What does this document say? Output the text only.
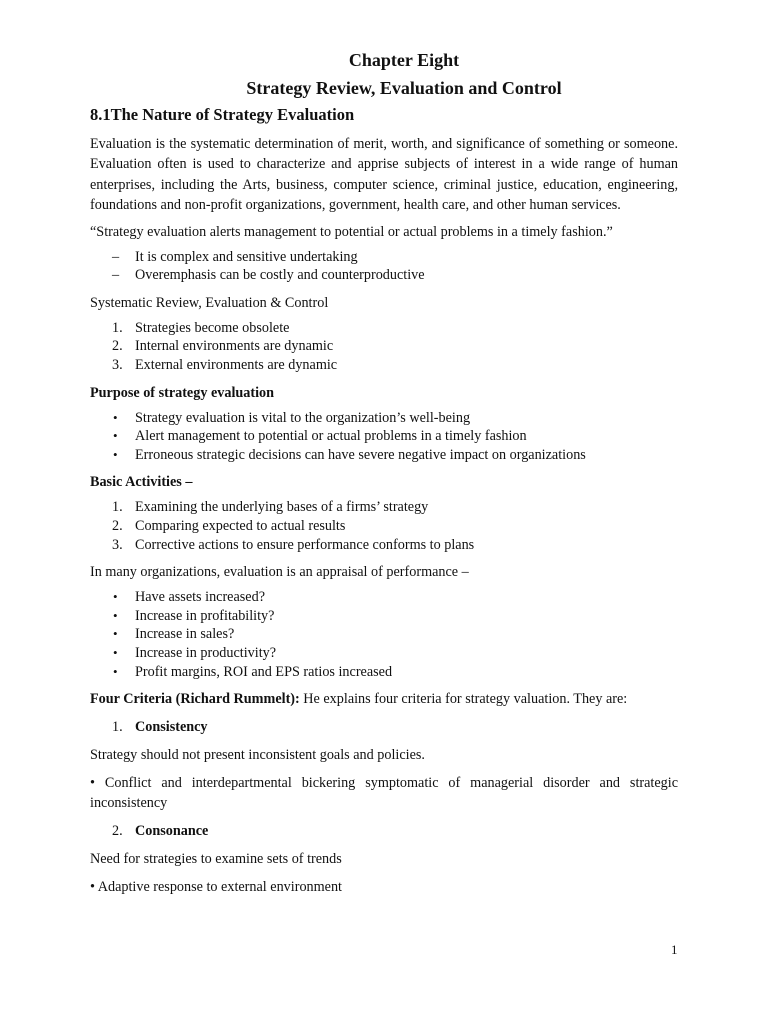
Chapter Eight
Strategy Review, Evaluation and Control
8.1The Nature of Strategy Evaluation

Evaluation is the systematic determination of merit, worth, and significance of something or someone. Evaluation often is used to characterize and apprise subjects of interest in a wide range of human enterprises, including the Arts, business, computer science, criminal justice, education, engineering, foundations and non-profit organizations, government, health care, and other human services.

“Strategy evaluation alerts management to potential or actual problems in a timely fashion.”

–	It is complex and sensitive undertaking
–	Overemphasis can be costly and counterproductive

Systematic Review, Evaluation & Control

1. Strategies become obsolete
2. Internal environments are dynamic
3. External environments are dynamic

Purpose of strategy evaluation

•	Strategy evaluation is vital to the organization’s well-being
•	Alert management to potential or actual problems in a timely fashion
•	Erroneous strategic decisions can have severe negative impact on organizations

Basic Activities –

1. Examining the underlying bases of a firms’ strategy
2. Comparing expected to actual results
3. Corrective actions to ensure performance conforms to plans

In many organizations, evaluation is an appraisal of performance –

•	Have assets increased?
•	Increase in profitability?
•	Increase in sales?
•	Increase in productivity?
•	Profit margins, ROI and EPS ratios increased

Four Criteria (Richard Rummelt): He explains four criteria for strategy valuation. They are:

1. Consistency

Strategy should not present inconsistent goals and policies.

• Conflict and interdepartmental bickering symptomatic of managerial disorder and strategic inconsistency

2. Consonance

Need for strategies to examine sets of trends

• Adaptive response to external environment

1
